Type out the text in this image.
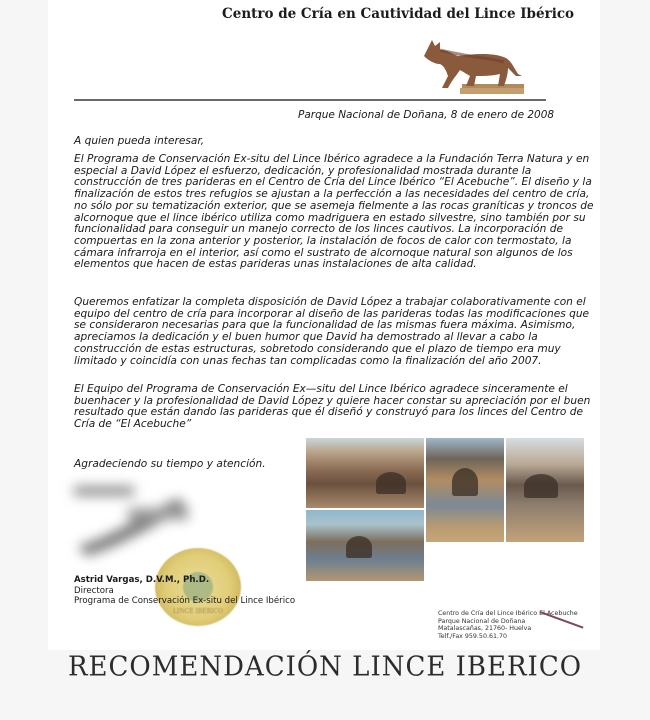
Centro de Cría en Cautividad del Lince Ibérico
Parque Nacional de Doñana, 8 de enero de 2008

A quien pueda interesar,

El Programa de Conservación Ex-situ del Lince Ibérico agradece a la Fundación Terra Natura y en especial a David López el esfuerzo, dedicación, y profesionalidad mostrada durante la construcción de tres parideras en el Centro de Cría del Lince Ibérico “El Acebuche”. El diseño y la finalización de estos tres refugios se ajustan a la perfección a las necesidades del centro de cría, no sólo por su tematización exterior, que se asemeja fielmente a las rocas graníticas y troncos de alcornoque que el lince ibérico utiliza como madriguera en estado silvestre, sino también por su funcionalidad para conseguir un manejo correcto de los linces cautivos. La incorporación de compuertas en la zona anterior y posterior, la instalación de focos de calor con termostato, la cámara infrarroja en el interior, así como el sustrato de alcornoque natural son algunos de los elementos que hacen de estas parideras unas instalaciones de alta calidad.

Queremos enfatizar la completa disposición de David López a trabajar colaborativamente con el equipo del centro de cría para incorporar al diseño de las parideras todas las modificaciones que se consideraron necesarias para que la funcionalidad de las mismas fuera máxima. Asimismo, apreciamos la dedicación y el buen humor que David ha demostrado al llevar a cabo la construcción de estas estructuras, sobretodo considerando que el plazo de tiempo era muy limitado y coincidía con unas fechas tan complicadas como la finalización del año 2007.

El Equipo del Programa de Conservación Ex—situ del Lince Ibérico agradece sinceramente el buenhacer y la profesionalidad de David López y quiere hacer constar su apreciación por el buen resultado que están dando las parideras que él diseñó y construyó para los linces del Centro de Cría de “El Acebuche”

Agradeciendo su tiempo y atención.
LINCE IBERICO
Astrid Vargas, D.V.M., Ph.D.
Directora
Programa de Conservación Ex-situ del Lince Ibérico
Centro de Cría del Lince Ibérico El Acebuche
Parque Nacional de Doñana
Matalascañas, 21760- Huelva
Telf./Fax 959.50.61.70
RECOMENDACIÓN LINCE IBERICO
